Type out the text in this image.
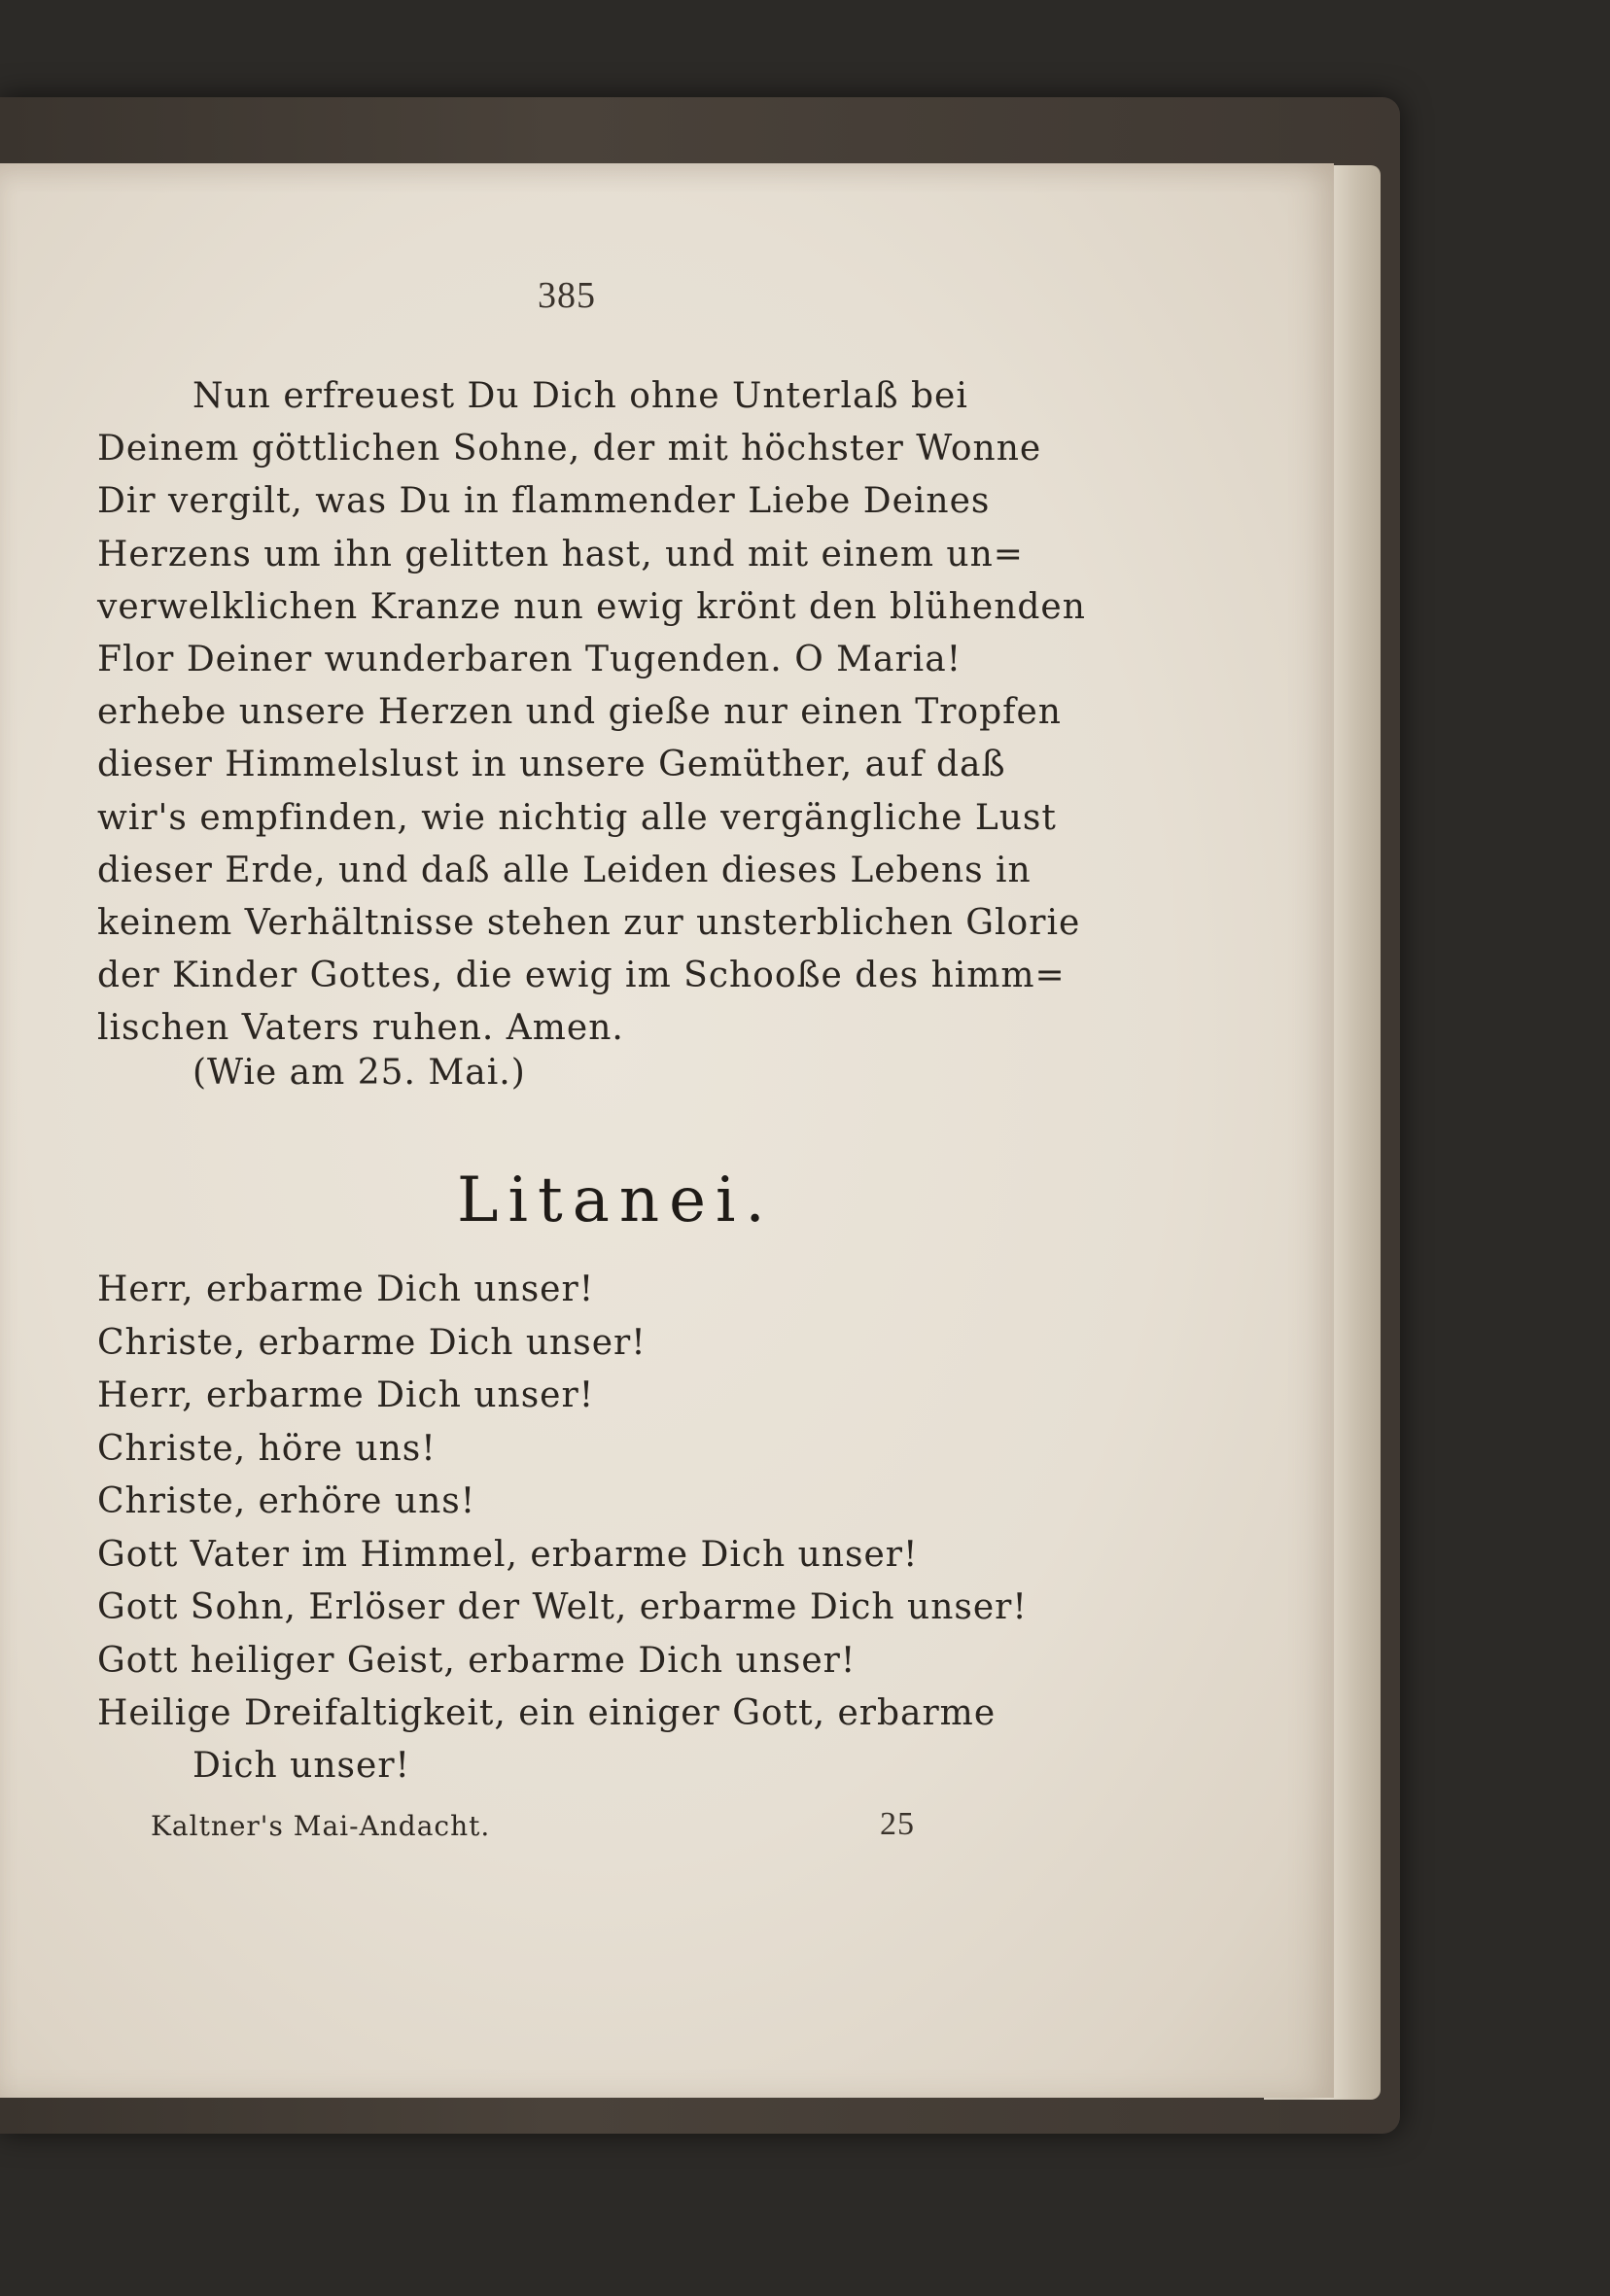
385
Nun erfreuest Du Dich ohne Unterlaß bei
Deinem göttlichen Sohne, der mit höchster Wonne
Dir vergilt, was Du in flammender Liebe Deines
Herzens um ihn gelitten hast, und mit einem un=
verwelklichen Kranze nun ewig krönt den blühenden
Flor Deiner wunderbaren Tugenden. O Maria!
erhebe unsere Herzen und gieße nur einen Tropfen
dieser Himmelslust in unsere Gemüther, auf daß
wir's empfinden, wie nichtig alle vergängliche Lust
dieser Erde, und daß alle Leiden dieses Lebens in
keinem Verhältnisse stehen zur unsterblichen Glorie
der Kinder Gottes, die ewig im Schooße des himm=
lischen Vaters ruhen. Amen.
(Wie am 25. Mai.)
Litanei.
Herr, erbarme Dich unser!
Christe, erbarme Dich unser!
Herr, erbarme Dich unser!
Christe, höre uns!
Christe, erhöre uns!
Gott Vater im Himmel, erbarme Dich unser!
Gott Sohn, Erlöser der Welt, erbarme Dich unser!
Gott heiliger Geist, erbarme Dich unser!
Heilige Dreifaltigkeit, ein einiger Gott, erbarme
Dich unser!
Kaltner's Mai-Andacht.	25
